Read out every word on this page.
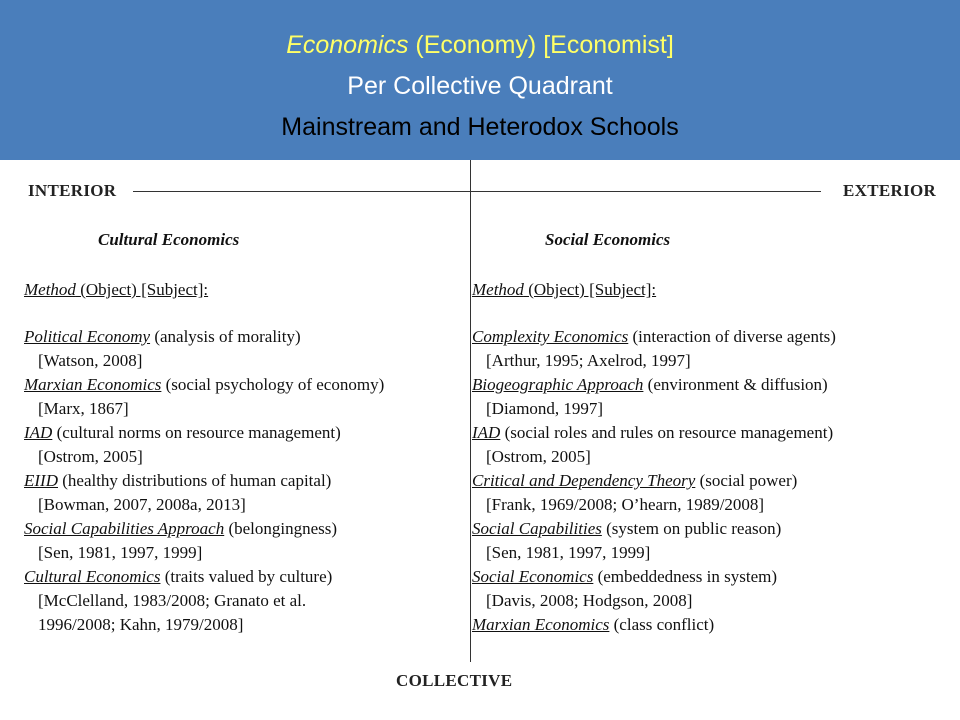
Economics (Economy) [Economist]
Per Collective Quadrant
Mainstream and Heterodox Schools
INTERIOR	EXTERIOR
COLLECTIVE
Cultural Economics
Method (Object) [Subject]:
Political Economy (analysis of morality)
[Watson, 2008]
Marxian Economics (social psychology of economy)
[Marx, 1867]
IAD (cultural norms on resource management)
[Ostrom, 2005]
EIID (healthy distributions of human capital)
[Bowman, 2007, 2008a, 2013]
Social Capabilities Approach (belongingness)
[Sen, 1981, 1997, 1999]
Cultural Economics (traits valued by culture)
[McClelland, 1983/2008; Granato et al.
1996/2008; Kahn, 1979/2008]
Social Economics
Method (Object) [Subject]:
Complexity Economics (interaction of diverse agents)
[Arthur, 1995; Axelrod, 1997]
Biogeographic Approach (environment & diffusion)
[Diamond, 1997]
IAD (social roles and rules on resource management)
[Ostrom, 2005]
Critical and Dependency Theory (social power)
[Frank, 1969/2008; O’hearn, 1989/2008]
Social Capabilities (system on public reason)
[Sen, 1981, 1997, 1999]
Social Economics (embeddedness in system)
[Davis, 2008; Hodgson, 2008]
Marxian Economics (class conflict)
